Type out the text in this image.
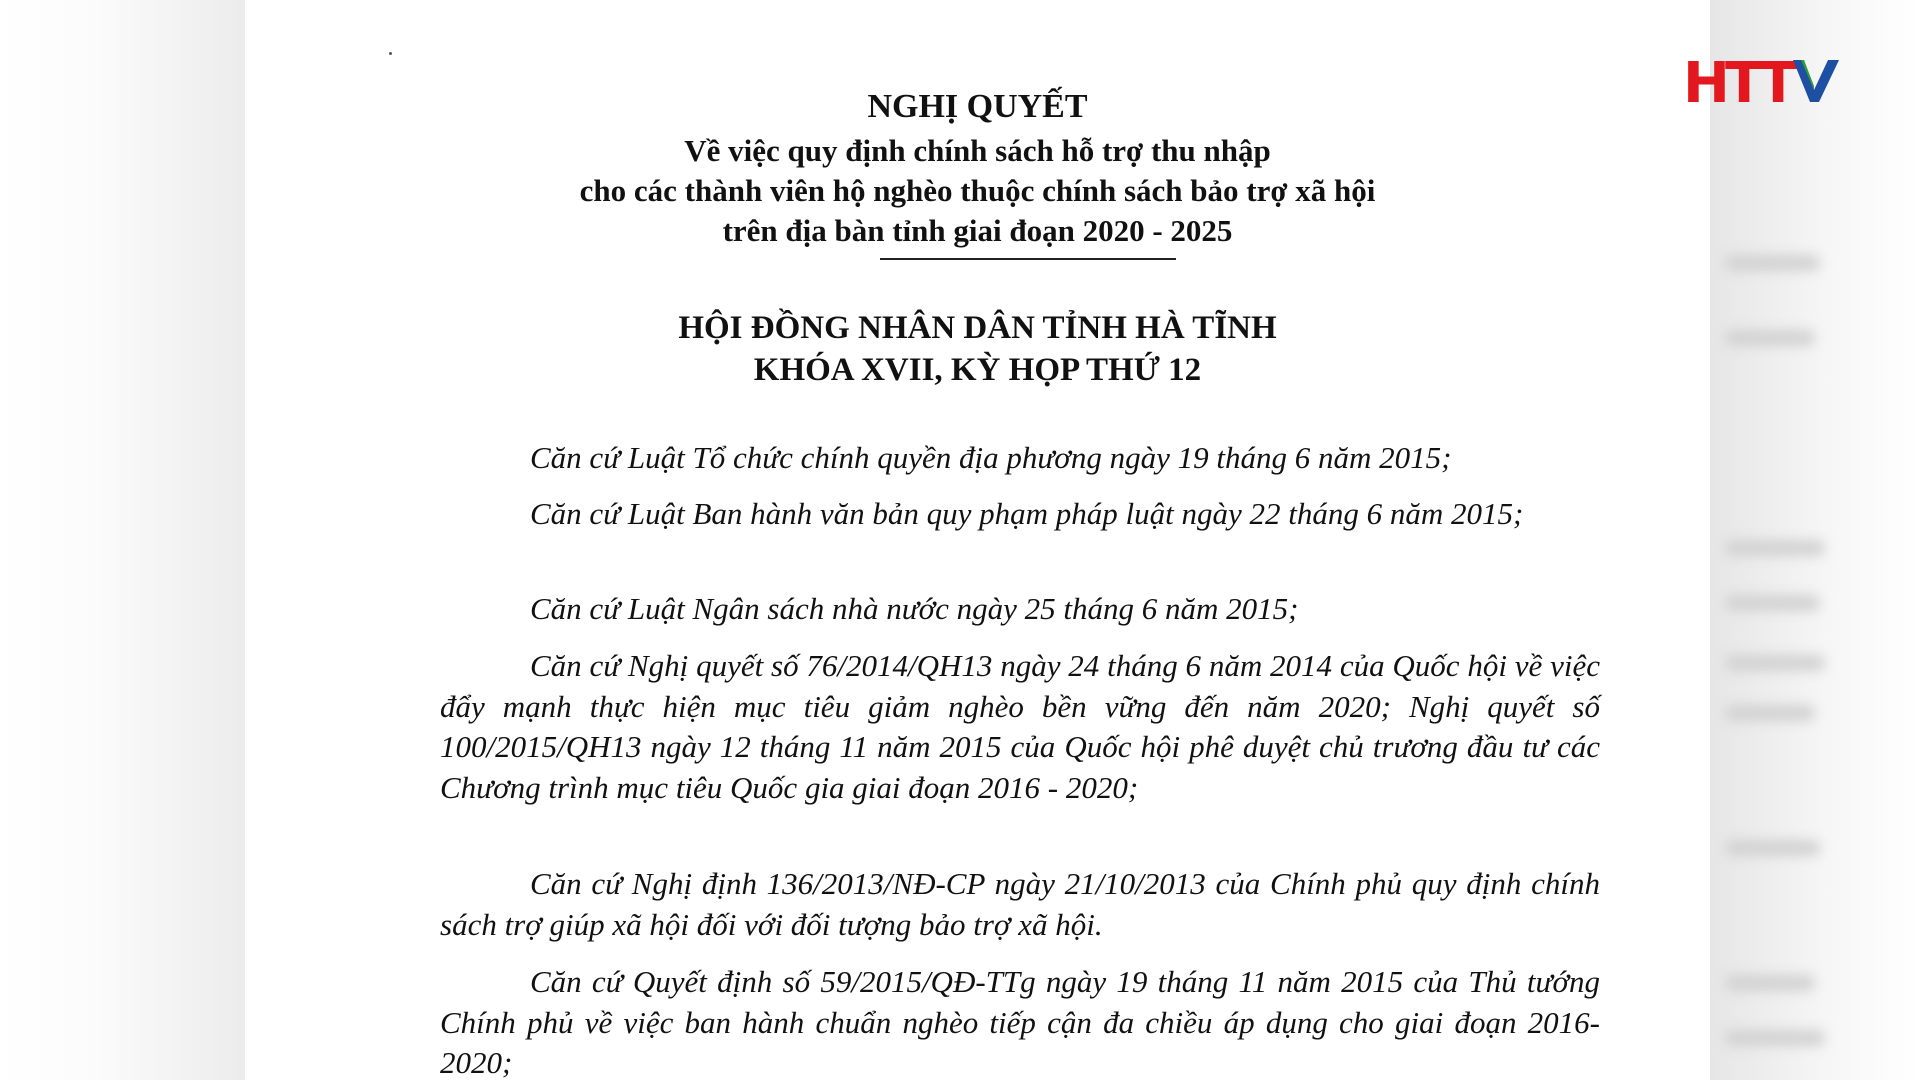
NGHỊ QUYẾT

Về việc quy định chính sách hỗ trợ thu nhập

cho các thành viên hộ nghèo thuộc chính sách bảo trợ xã hội

trên địa bàn tỉnh giai đoạn 2020 - 2025

HỘI ĐỒNG NHÂN DÂN TỈNH HÀ TĨNH

KHÓA XVII, KỲ HỌP THỨ 12

Căn cứ Luật Tổ chức chính quyền địa phương ngày 19 tháng 6 năm 2015;

Căn cứ Luật Ban hành văn bản quy phạm pháp luật ngày 22 tháng 6 năm 2015;

Căn cứ Luật Ngân sách nhà nước ngày 25 tháng 6 năm 2015;

Căn cứ Nghị quyết số 76/2014/QH13 ngày 24 tháng 6 năm 2014 của Quốc hội về việc đẩy mạnh thực hiện mục tiêu giảm nghèo bền vững đến năm 2020; Nghị quyết số 100/2015/QH13 ngày 12 tháng 11 năm 2015 của Quốc hội phê duyệt chủ trương đầu tư các Chương trình mục tiêu Quốc gia giai đoạn 2016 - 2020;

Căn cứ Nghị định 136/2013/NĐ-CP ngày 21/10/2013 của Chính phủ quy định chính sách trợ giúp xã hội đối với đối tượng bảo trợ xã hội.

Căn cứ Quyết định số 59/2015/QĐ-TTg ngày 19 tháng 11 năm 2015 của Thủ tướng Chính phủ về việc ban hành chuẩn nghèo tiếp cận đa chiều áp dụng cho giai đoạn 2016-2020;

H
T
T
